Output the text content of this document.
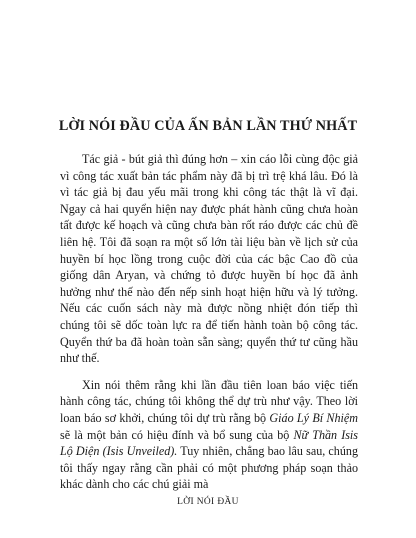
LỜI NÓI ĐẦU CỦA ẤN BẢN LẦN THỨ NHẤT

Tác giả - bút giả thì đúng hơn – xin cáo lỗi cùng độc giả vì công tác xuất bản tác phẩm này đã bị trì trệ khá lâu. Đó là vì tác giả bị đau yếu mãi trong khi công tác thật là vĩ đại. Ngay cả hai quyển hiện nay được phát hành cũng chưa hoàn tất được kế hoạch và cũng chưa bàn rốt ráo được các chủ đề liên hệ. Tôi đã soạn ra một số lớn tài liệu bàn về lịch sử của huyền bí học lồng trong cuộc đời của các bậc Cao đồ của giống dân Aryan, và chứng tỏ được huyền bí học đã ảnh hưởng như thế nào đến nếp sinh hoạt hiện hữu và lý tưởng. Nếu các cuốn sách này mà được nồng nhiệt đón tiếp thì chúng tôi sẽ dốc toàn lực ra để tiến hành toàn bộ công tác. Quyển thứ ba đã hoàn toàn sẵn sàng; quyển thứ tư cũng hầu như thế.

Xin nói thêm rằng khi lần đầu tiên loan báo việc tiến hành công tác, chúng tôi không thể dự trù như vậy. Theo lời loan báo sơ khởi, chúng tôi dự trù rằng bộ Giáo Lý Bí Nhiệm sẽ là một bản có hiệu đính và bổ sung của bộ Nữ Thần Isis Lộ Diện (Isis Unveiled). Tuy nhiên, chẳng bao lâu sau, chúng tôi thấy ngay rằng cần phải có một phương pháp soạn thảo khác dành cho các chú giải mà

LỜI NÓI ĐẦU
